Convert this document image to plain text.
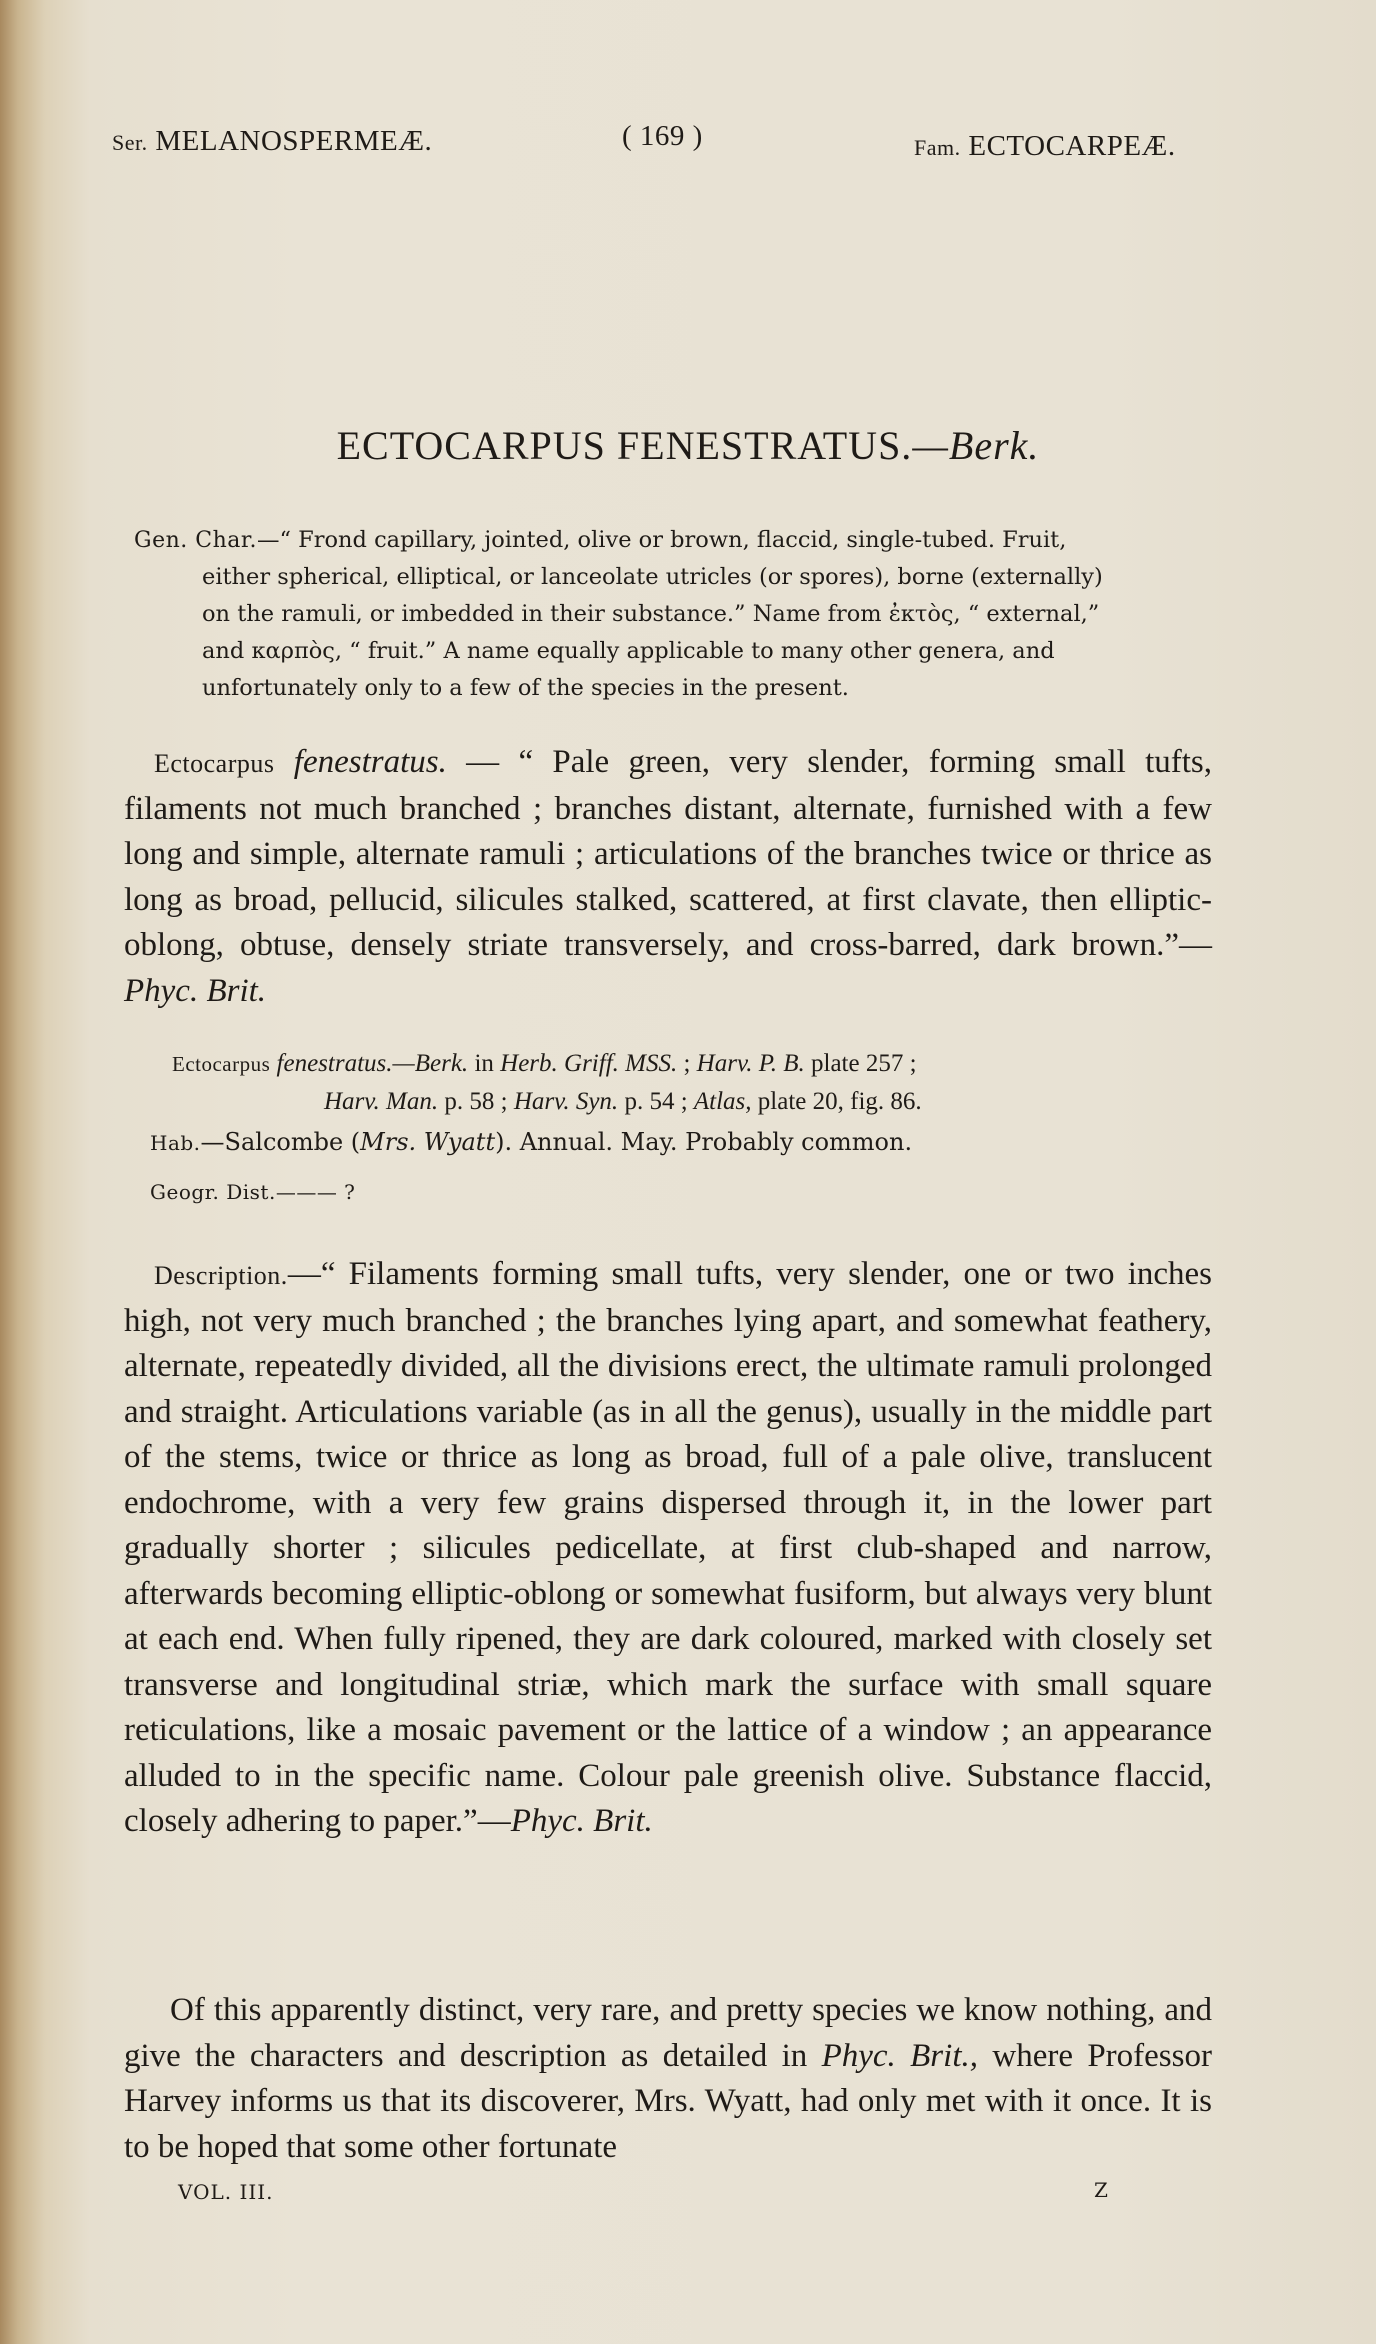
Ser. MELANOSPERMEÆ.	( 169 )	Fam. ECTOCARPEÆ.
ECTOCARPUS FENESTRATUS.—Berk.
Gen. Char.—“ Frond capillary, jointed, olive or brown, flaccid, single-tubed. Fruit,
either spherical, elliptical, or lanceolate utricles (or spores), borne (externally)
on the ramuli, or imbedded in their substance.” Name from ἐκτὸς, “ external,”
and καρπὸς, “ fruit.” A name equally applicable to many other genera, and
unfortunately only to a few of the species in the present.
Ectocarpus fenestratus. — “ Pale green, very slender, forming small tufts, filaments not much branched ; branches distant, alternate, furnished with a few long and simple, alternate ramuli ; articulations of the branches twice or thrice as long as broad, pellucid, silicules stalked, scattered, at first clavate, then elliptic-oblong, obtuse, densely striate transversely, and cross-barred, dark brown.”—Phyc. Brit.
Ectocarpus fenestratus.—Berk. in Herb. Griff. MSS. ; Harv. P. B. plate 257 ;
Harv. Man. p. 58 ; Harv. Syn. p. 54 ; Atlas, plate 20, fig. 86.
Hab.—Salcombe (Mrs. Wyatt). Annual. May. Probably common.
Geogr. Dist.——— ?
Description.—“ Filaments forming small tufts, very slender, one or two inches high, not very much branched ; the branches lying apart, and somewhat feathery, alternate, repeatedly divided, all the divisions erect, the ultimate ramuli prolonged and straight. Articulations variable (as in all the genus), usually in the middle part of the stems, twice or thrice as long as broad, full of a pale olive, translucent endochrome, with a very few grains dispersed through it, in the lower part gradually shorter ; silicules pedicellate, at first club-shaped and narrow, afterwards becoming elliptic-oblong or somewhat fusiform, but always very blunt at each end. When fully ripened, they are dark coloured, marked with closely set transverse and longitudinal striæ, which mark the surface with small square reticulations, like a mosaic pavement or the lattice of a window ; an appearance alluded to in the specific name. Colour pale greenish olive. Substance flaccid, closely adhering to paper.”—Phyc. Brit.
Of this apparently distinct, very rare, and pretty species we know nothing, and give the characters and description as detailed in Phyc. Brit., where Professor Harvey informs us that its discoverer, Mrs. Wyatt, had only met with it once. It is to be hoped that some other fortunate
VOL. III.	Z
